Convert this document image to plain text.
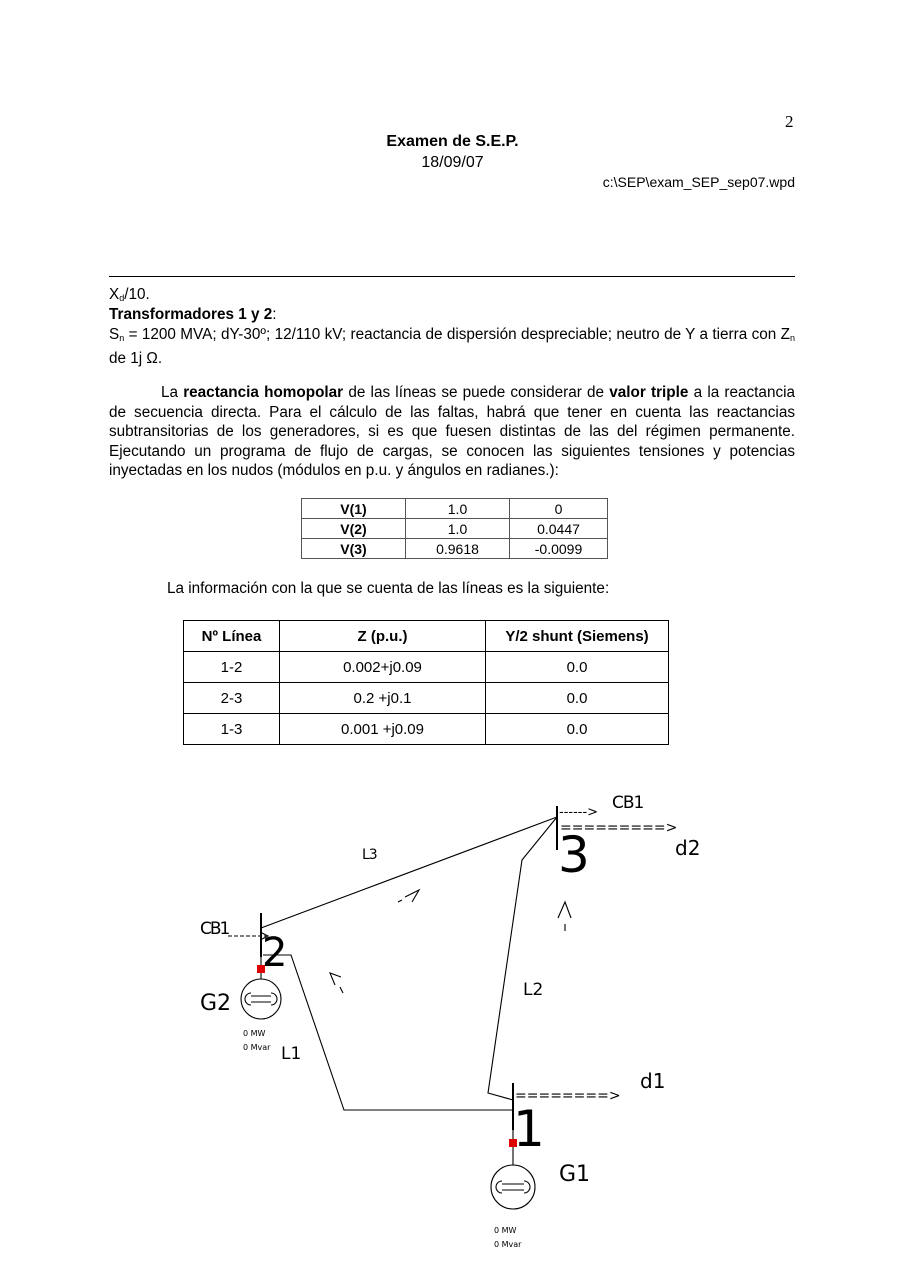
2
Examen de S.E.P.
18/09/07
c:\SEP\exam_SEP_sep07.wpd
$X_d/10$.
Transformadores 1 y 2:
$S_n = 1200$ MVA; dY-30º; 12/110 kV; reactancia de dispersión despreciable; neutro de Y a tierra con $Z_n$ de 1j Ω.
La reactancia homopolar de las líneas se puede considerar de valor triple a la reactancia de secuencia directa. Para el cálculo de las faltas, habrá que tener en cuenta las reactancias subtransitorias de los generadores, si es que fuesen distintas de las del régimen permanente. Ejecutando un programa de flujo de cargas, se conocen las siguientes tensiones y potencias inyectadas en los nudos (módulos en p.u. y ángulos en radianes.):
V(1)	1.0	0
V(2)	1.0	0.0447
V(3)	0.9618	-0.0099
La información con la que se cuenta de las líneas es la siguiente:
Nº Línea	Z (p.u.)	Y/2 shunt (Siemens)
1-2	0.002+j0.09	0.0
2-3	0.2 +j0.1	0.0
1-3	0.001 +j0.09	0.0
------> CB1
=========>
d2
3
L3
CB1
2
G2
0 MW
0 Mvar L1
L2
========>
d1
1
G1
0 MW
0 Mvar
